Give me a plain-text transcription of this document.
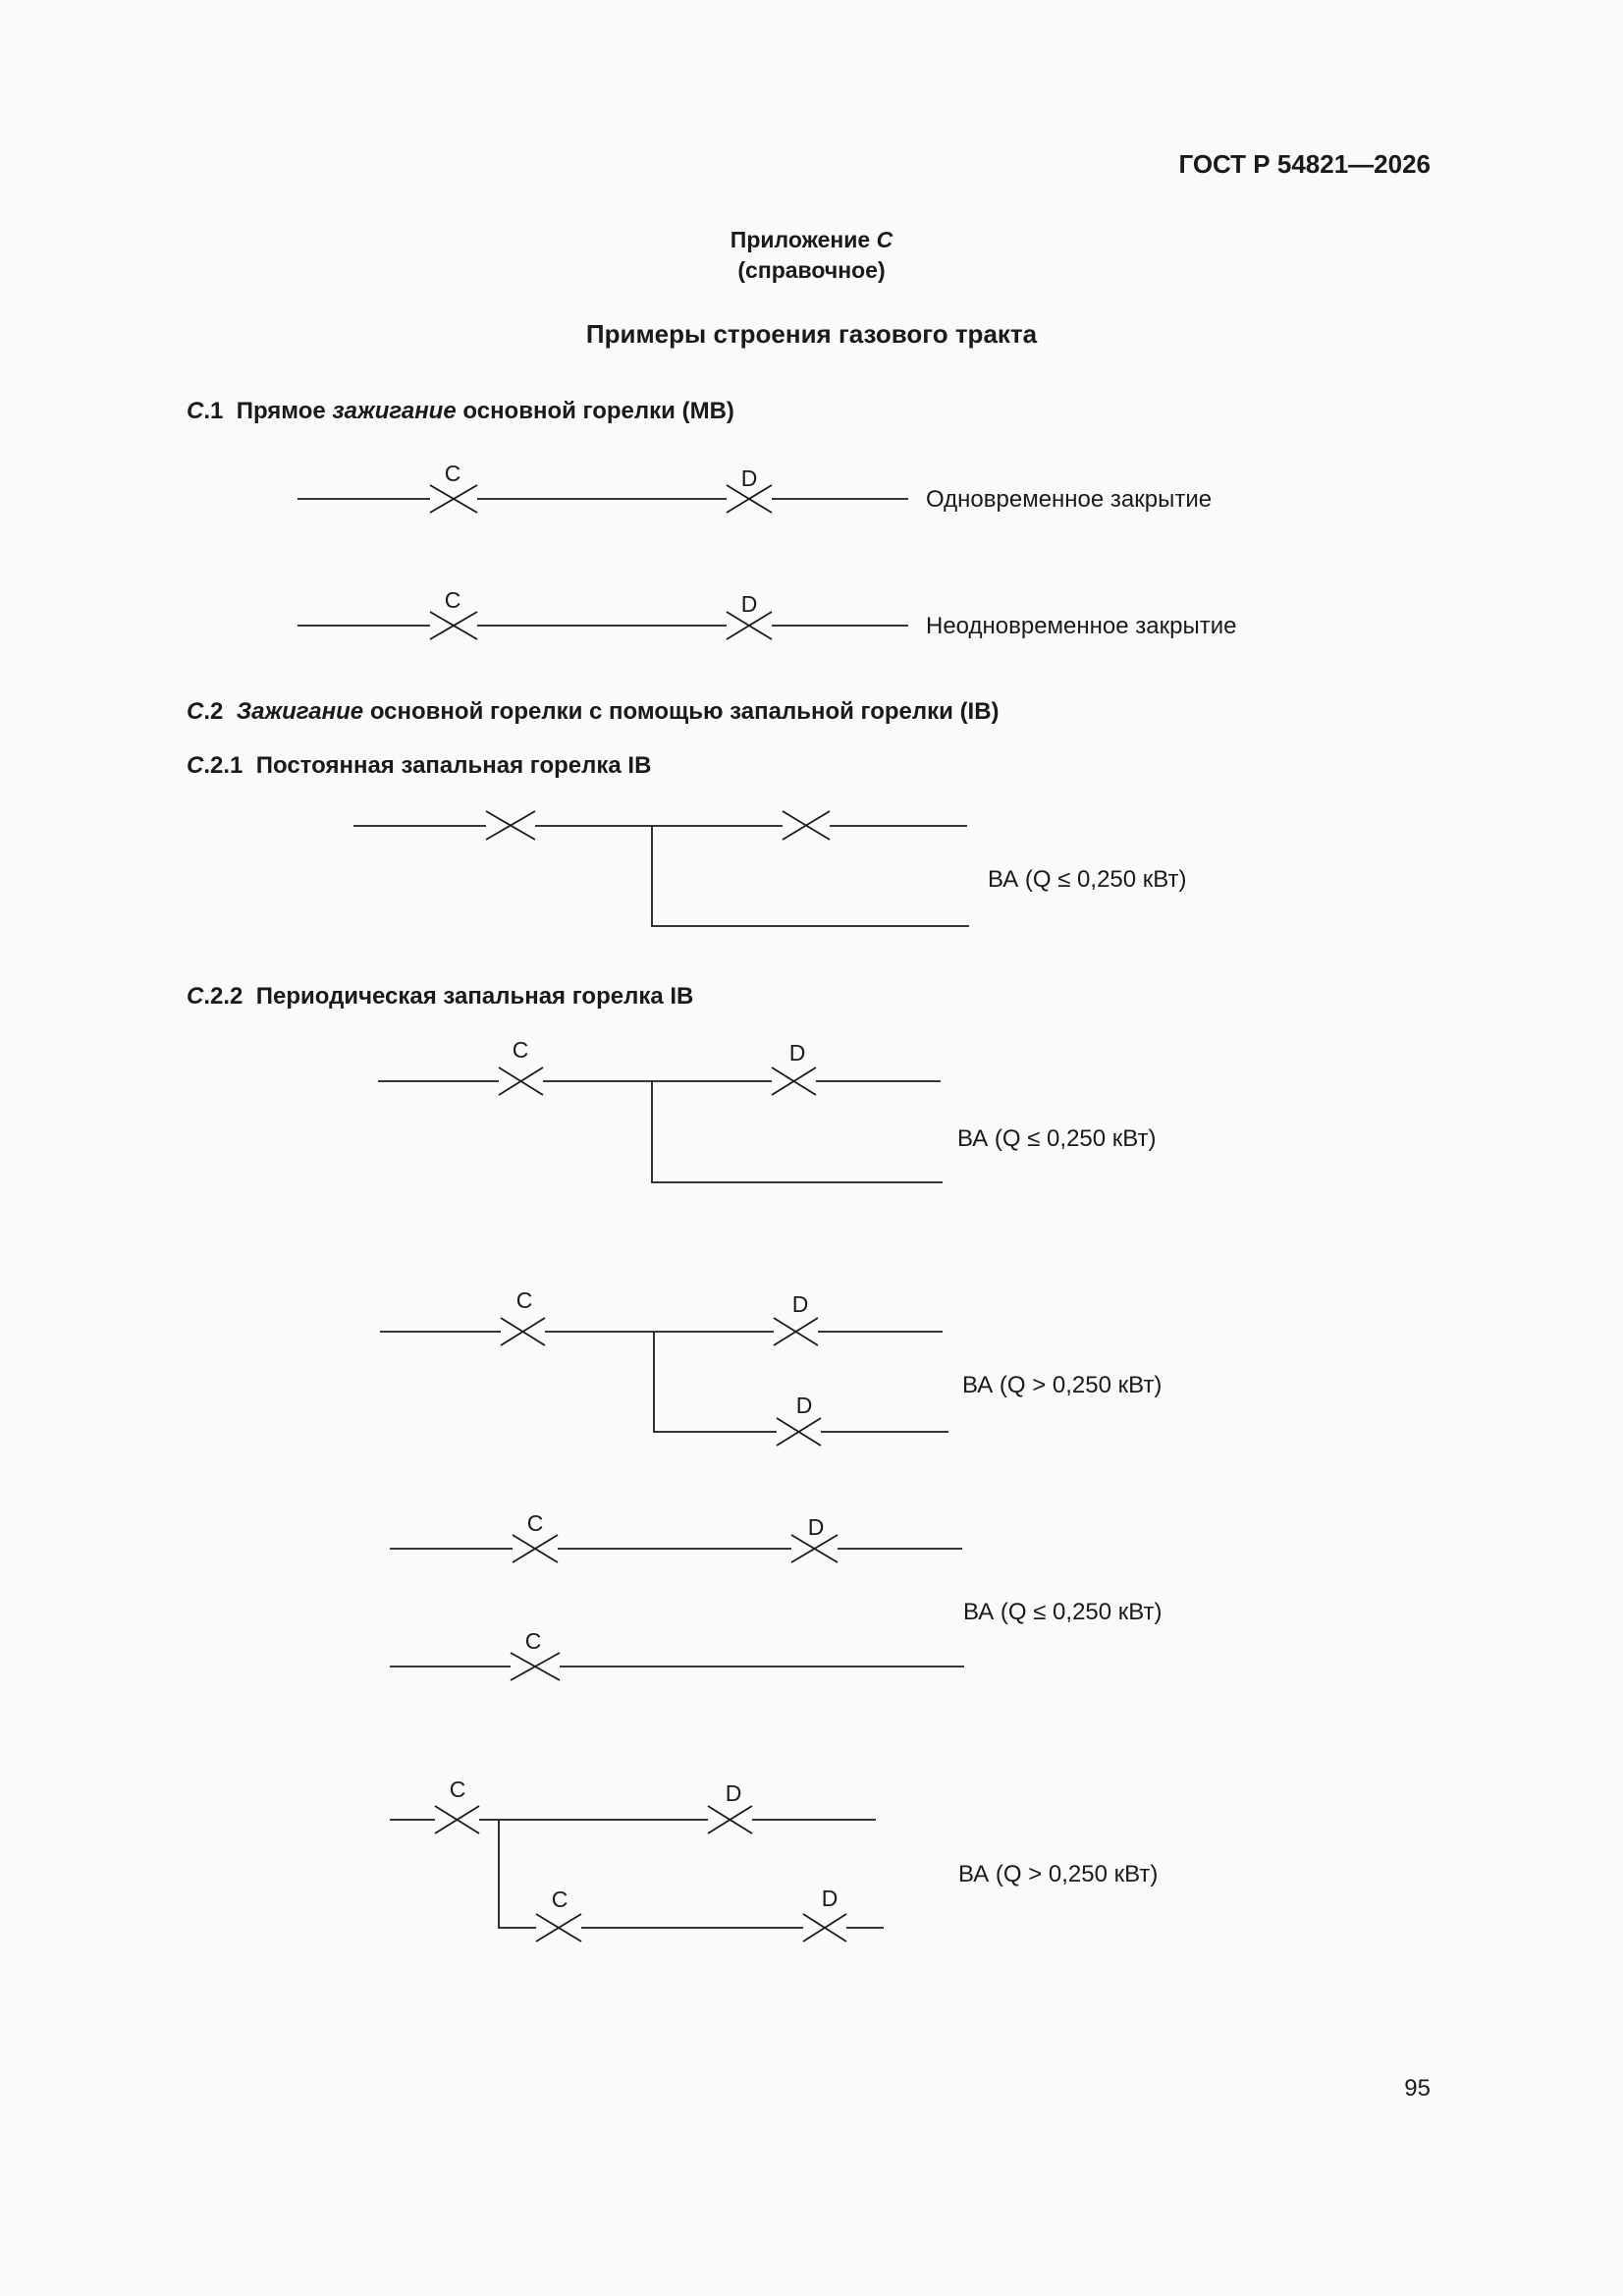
ГОСТ Р 54821—2026
Приложение С
(справочное)
Примеры строения газового тракта
С.1 Прямое зажигание основной горелки (МВ)
С.2 Зажигание основной горелки с помощью запальной горелки (IB)
С.2.1 Постоянная запальная горелка IB
С.2.2 Периодическая запальная горелка IB
C	D
Одновременное закрытие
C	D
Неодновременное закрытие
ВА (Q ≤ 0,250 кВт)
C	D
ВА (Q ≤ 0,250 кВт)
C	D
D
ВА (Q > 0,250 кВт)
C	D
C
ВА (Q ≤ 0,250 кВт)
C	D
C	D
ВА (Q > 0,250 кВт)
95
